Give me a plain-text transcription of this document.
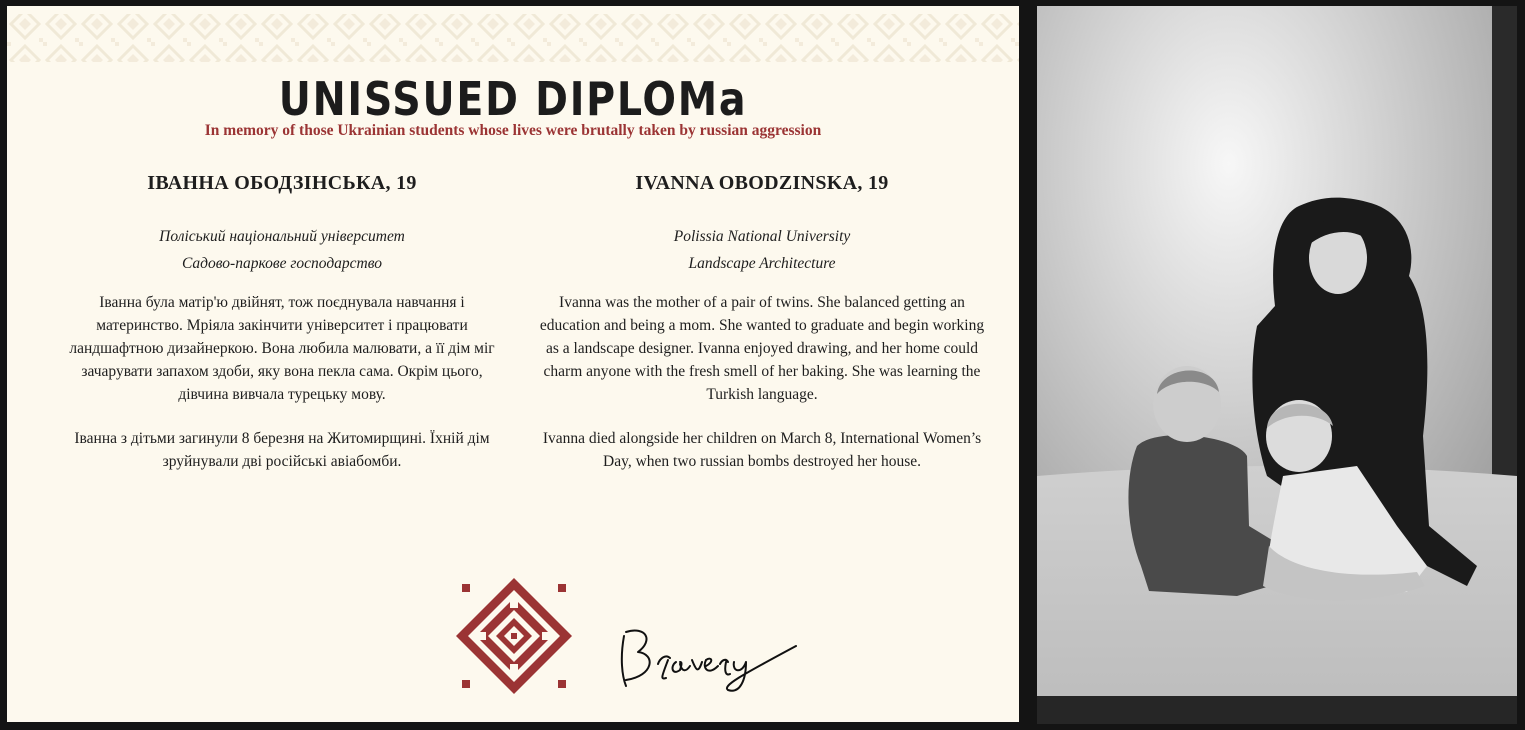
UNISSUED DIPLOMa
In memory of those Ukrainian students whose lives were brutally taken by russian aggression
ІВАННА ОБОДЗІНСЬКА, 19
Поліський національний університет
Садово-паркове господарство

Іванна була матір'ю двійнят, тож поєднувала навчання і материнство. Мріяла закінчити університет і працювати ландшафтною дизайнеркою. Вона любила малювати, а її дім міг зачарувати запахом здоби, яку вона пекла сама. Окрім цього, дівчина вивчала турецьку мову.

Іванна з дітьми загинули 8 березня на Житомирщині. Їхній дім зруйнували дві російські авіабомби.

IVANNA OBODZINSKA, 19
Polissia National University
Landscape Architecture

Ivanna was the mother of a pair of twins. She balanced getting an education and being a mom. She wanted to graduate and begin working as a landscape designer. Ivanna enjoyed drawing, and her home could charm anyone with the fresh smell of her baking. She was learning the Turkish language.

Ivanna died alongside her children on March 8, International Women’s Day, when two russian bombs destroyed her house.
